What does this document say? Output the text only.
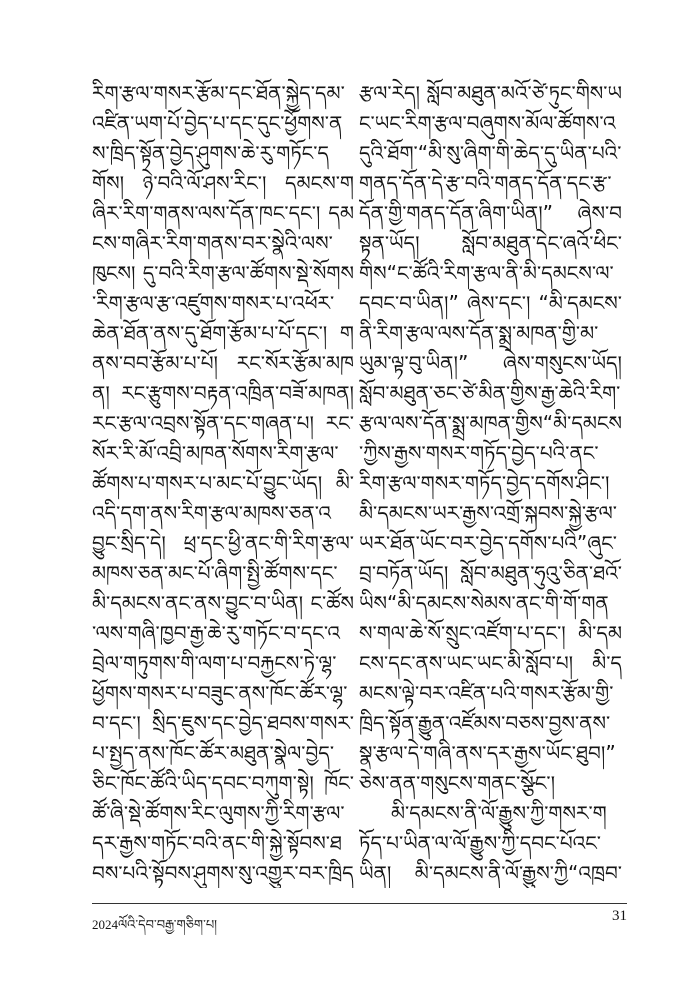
རིག་རྩལ་གསར་རྩོམ་དང་ཐོན་སྐྱེད་དམ་འཛིན་ཡག་པོ་བྱེད་པ་དང་དུང་ཕྱོགས་ནས་ཁྲིད་སྟོན་བྱེད་ཤུགས་ཆེ་རུ་གཏོང་དགོས། ཉེ་བའི་ལོ་ཤས་རིང་། དམངས་གཞིར་རིག་གནས་ལས་དོན་ཁང་དང་། དམངས་གཞིར་རིག་གནས་བར་སྣེའི་ལས་ཁུངས། དུ་བའི་རིག་རྩལ་ཚོགས་སྡེ་སོགས་རིག་རྩལ་རྩ་འཛུགས་གསར་པ་འཕོར་ཆེན་ཐོན་ནས་དུ་ཐོག་རྩོམ་པ་པོ་དང་། གནས་བབ་རྩོམ་པ་པོ། རང་སོར་རྩོམ་མཁན། རང་རྩུགས་བརྟན་འཁྲིན་བཟོ་མཁན། རང་རྩལ་འབྲས་སྟོན་དང་གཞན་པ། རང་སོར་རི་མོ་འབྲི་མཁན་སོགས་རིག་རྩལ་ཚོགས་པ་གསར་པ་མང་པོ་བྱུང་ཡོད། མི་འདི་དག་ནས་རིག་རྩལ་མཁས་ཅན་འབྱུང་སྲིད་དེ། ཕྲ་དང་ཕྱི་ནང་གི་རིག་རྩལ་མཁས་ཅན་མང་པོ་ཞིག་སྤྱི་ཚོགས་དང་མི་དམངས་ནང་ནས་བྱུང་བ་ཡིན། ང་ཚོས་ལས་གཞི་ཁྱབ་རྒྱ་ཆེ་རུ་གཏོང་བ་དང་འབྲེལ་གཏུགས་གི་ལག་པ་བརྐྱངས་ཏེ་ལྷ་ཕྱོགས་གསར་པ་བཟུང་ནས་ཁོང་ཚོར་ལྷ་བ་དང་། སྲིད་ཇུས་དང་བྱེད་ཐབས་གསར་པ་སྤྱད་ནས་ཁོང་ཚོར་མཐུན་སྣེལ་བྱེད་ཅིང་ཁོང་ཚོའི་ཡིད་དབང་བཀུག་སྟེ། ཁོང་ཚོ་ཞི་སྡེ་ཚོགས་རིང་ལུགས་ཀྱི་རིག་རྩལ་དར་རྒྱས་གཏོང་བའི་ནང་གི་སྐྱེ་སྟོབས་ཐབས་པའི་སྟོབས་ཤུགས་སུ་འགྱུར་བར་ཁྲིད

རྩལ་རེད། སློབ་མཐུན་མའོ་ཙེ་ཏུང་གིས་ཡང་ཡང་རིག་རྩལ་བཞུགས་མོལ་ཚོགས་འདུའི་ཐོག་“མི་སུ་ཞིག་གི་ཆེད་དུ་ཡིན་པའི་གནད་དོན་དེ་རྩ་བའི་གནད་དོན་དང་རྩ་དོན་གྱི་གནད་དོན་ཞིག་ཡིན།” ཞེས་བསྟན་ཡོད། སློབ་མཐུན་དེང་ཞའོ་ཕིང་གིས“ང་ཚོའི་རིག་རྩལ་ནི་མི་དམངས་ལ་དབང་བ་ཡིན།” ཞེས་དང་། “མི་དམངས་ནི་རིག་རྩལ་ལས་དོན་སྨྲ་མཁན་གྱི་མ་ཡུམ་ལྟ་བུ་ཡིན།” ཞེས་གསུངས་ཡོད། སློབ་མཐུན་ཅང་ཙེ་མིན་གྱིས་རྒྱ་ཆེའི་རིག་རྩལ་ལས་དོན་སྨྲ་མཁན་གྱིས“མི་དམངས་ཀྱིས་རྒྱས་གསར་གཏོད་བྱེད་པའི་ནང་རིག་རྩལ་གསར་གཏོད་བྱེད་དགོས་ཤིང་། མི་དམངས་ཡར་རྒྱས་འགྲོ་སྐབས་སྐྱེ་རྩལ་ཡར་ཐོན་ཡོང་བར་བྱེད་དགོས་པའི”ཞུང་བྲ་བཏོན་ཡོད། སློབ་མཐུན་ཧུའུ་ཅིན་ཐའོ་ཡིས“མི་དམངས་སེམས་ནང་གི་གོ་གནས་གལ་ཆེ་སོ་སྲུང་འཛོག་པ་དང་། མི་དམངས་དང་ནས་ཡང་ཡང་མི་སློབ་པ། མི་དམངས་ལྟེ་བར་འཛིན་པའི་གསར་རྩོམ་གྱི་ཁྲིད་སྟོན་རྒྱུན་འཛོམས་བཅས་བྱས་ནས་སྣ་རྩལ་དེ་གཞི་ནས་དར་རྒྱས་ཡོང་ཐུབ།” ཅེས་ནན་གསུངས་གནང་སྩོང་།

མི་དམངས་ནི་ལོ་རྒྱུས་ཀྱི་གསར་གཏོད་པ་ཡིན་ལ་ལོ་རྒྱུས་ཀྱི་དབང་པོའང་ཡིན། མི་དམངས་ནི་ལོ་རྒྱུས་ཀྱི“འཁྲབ་

2024ལོའི་དེབ་བརྒྱ་གཅིག་པ།
31
